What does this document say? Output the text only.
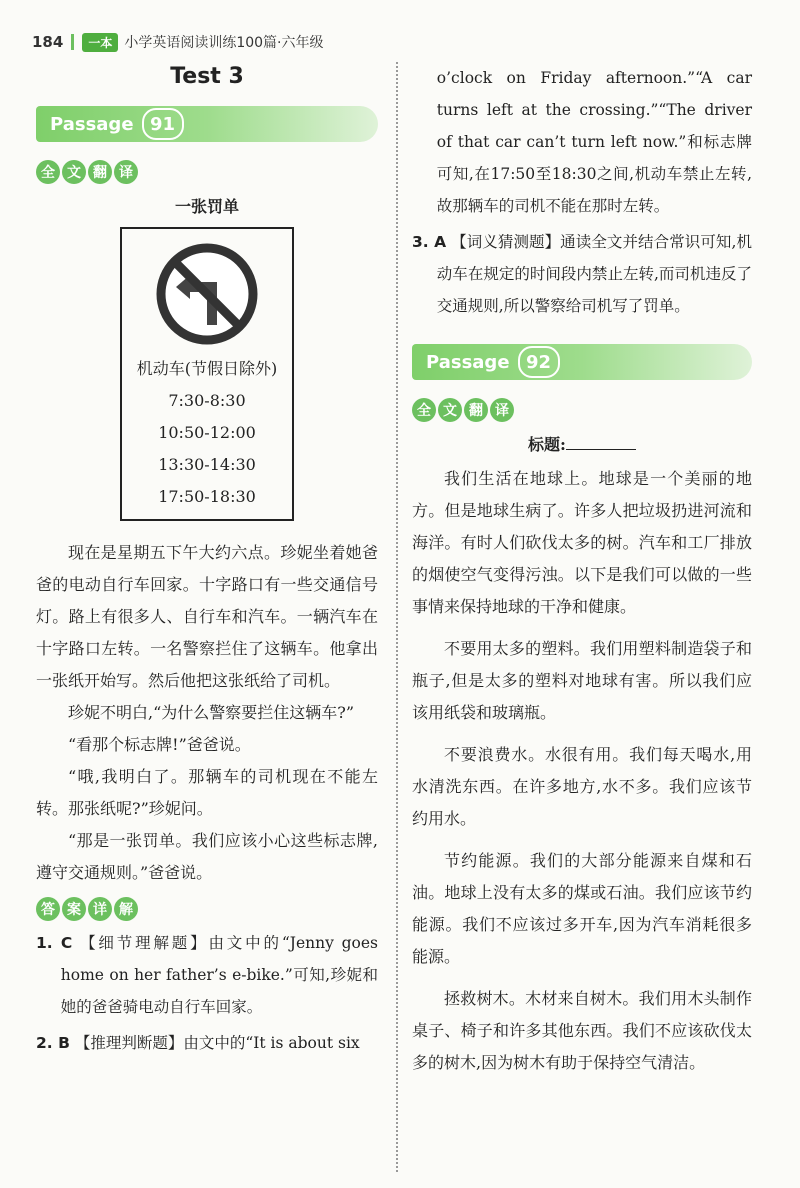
184	一本 小学英语阅读训练100篇·六年级
Test 3
Passage 91
全 文 翻 译
一张罚单
机动车(节假日除外)
7:30-8:30
10:50-12:00
13:30-14:30
17:50-18:30

现在是星期五下午大约六点。珍妮坐着她爸爸的电动自行车回家。十字路口有一些交通信号灯。路上有很多人、自行车和汽车。一辆汽车在十字路口左转。一名警察拦住了这辆车。他拿出一张纸开始写。然后他把这张纸给了司机。

珍妮不明白,“为什么警察要拦住这辆车?”

“看那个标志牌!”爸爸说。

“哦,我明白了。那辆车的司机现在不能左转。那张纸呢?”珍妮问。

“那是一张罚单。我们应该小心这些标志牌,遵守交通规则。”爸爸说。

答 案 详 解

1. C 【细节理解题】由文中的“Jenny goes home on her father’s e-bike.”可知,珍妮和她的爸爸骑电动自行车回家。

2. B 【推理判断题】由文中的“It is about six

o’clock on Friday afternoon.”“A car turns left at the crossing.”“The driver of that car can’t turn left now.”和标志牌可知,在17:50至18:30之间,机动车禁止左转,故那辆车的司机不能在那时左转。

3. A 【词义猜测题】通读全文并结合常识可知,机动车在规定的时间段内禁止左转,而司机违反了交通规则,所以警察给司机写了罚单。

Passage 92
全 文 翻 译
标题:

我们生活在地球上。地球是一个美丽的地方。但是地球生病了。许多人把垃圾扔进河流和海洋。有时人们砍伐太多的树。汽车和工厂排放的烟使空气变得污浊。以下是我们可以做的一些事情来保持地球的干净和健康。

不要用太多的塑料。我们用塑料制造袋子和瓶子,但是太多的塑料对地球有害。所以我们应该用纸袋和玻璃瓶。

不要浪费水。水很有用。我们每天喝水,用水清洗东西。在许多地方,水不多。我们应该节约用水。

节约能源。我们的大部分能源来自煤和石油。地球上没有太多的煤或石油。我们应该节约能源。我们不应该过多开车,因为汽车消耗很多能源。

拯救树木。木材来自树木。我们用木头制作桌子、椅子和许多其他东西。我们不应该砍伐太多的树木,因为树木有助于保持空气清洁。
